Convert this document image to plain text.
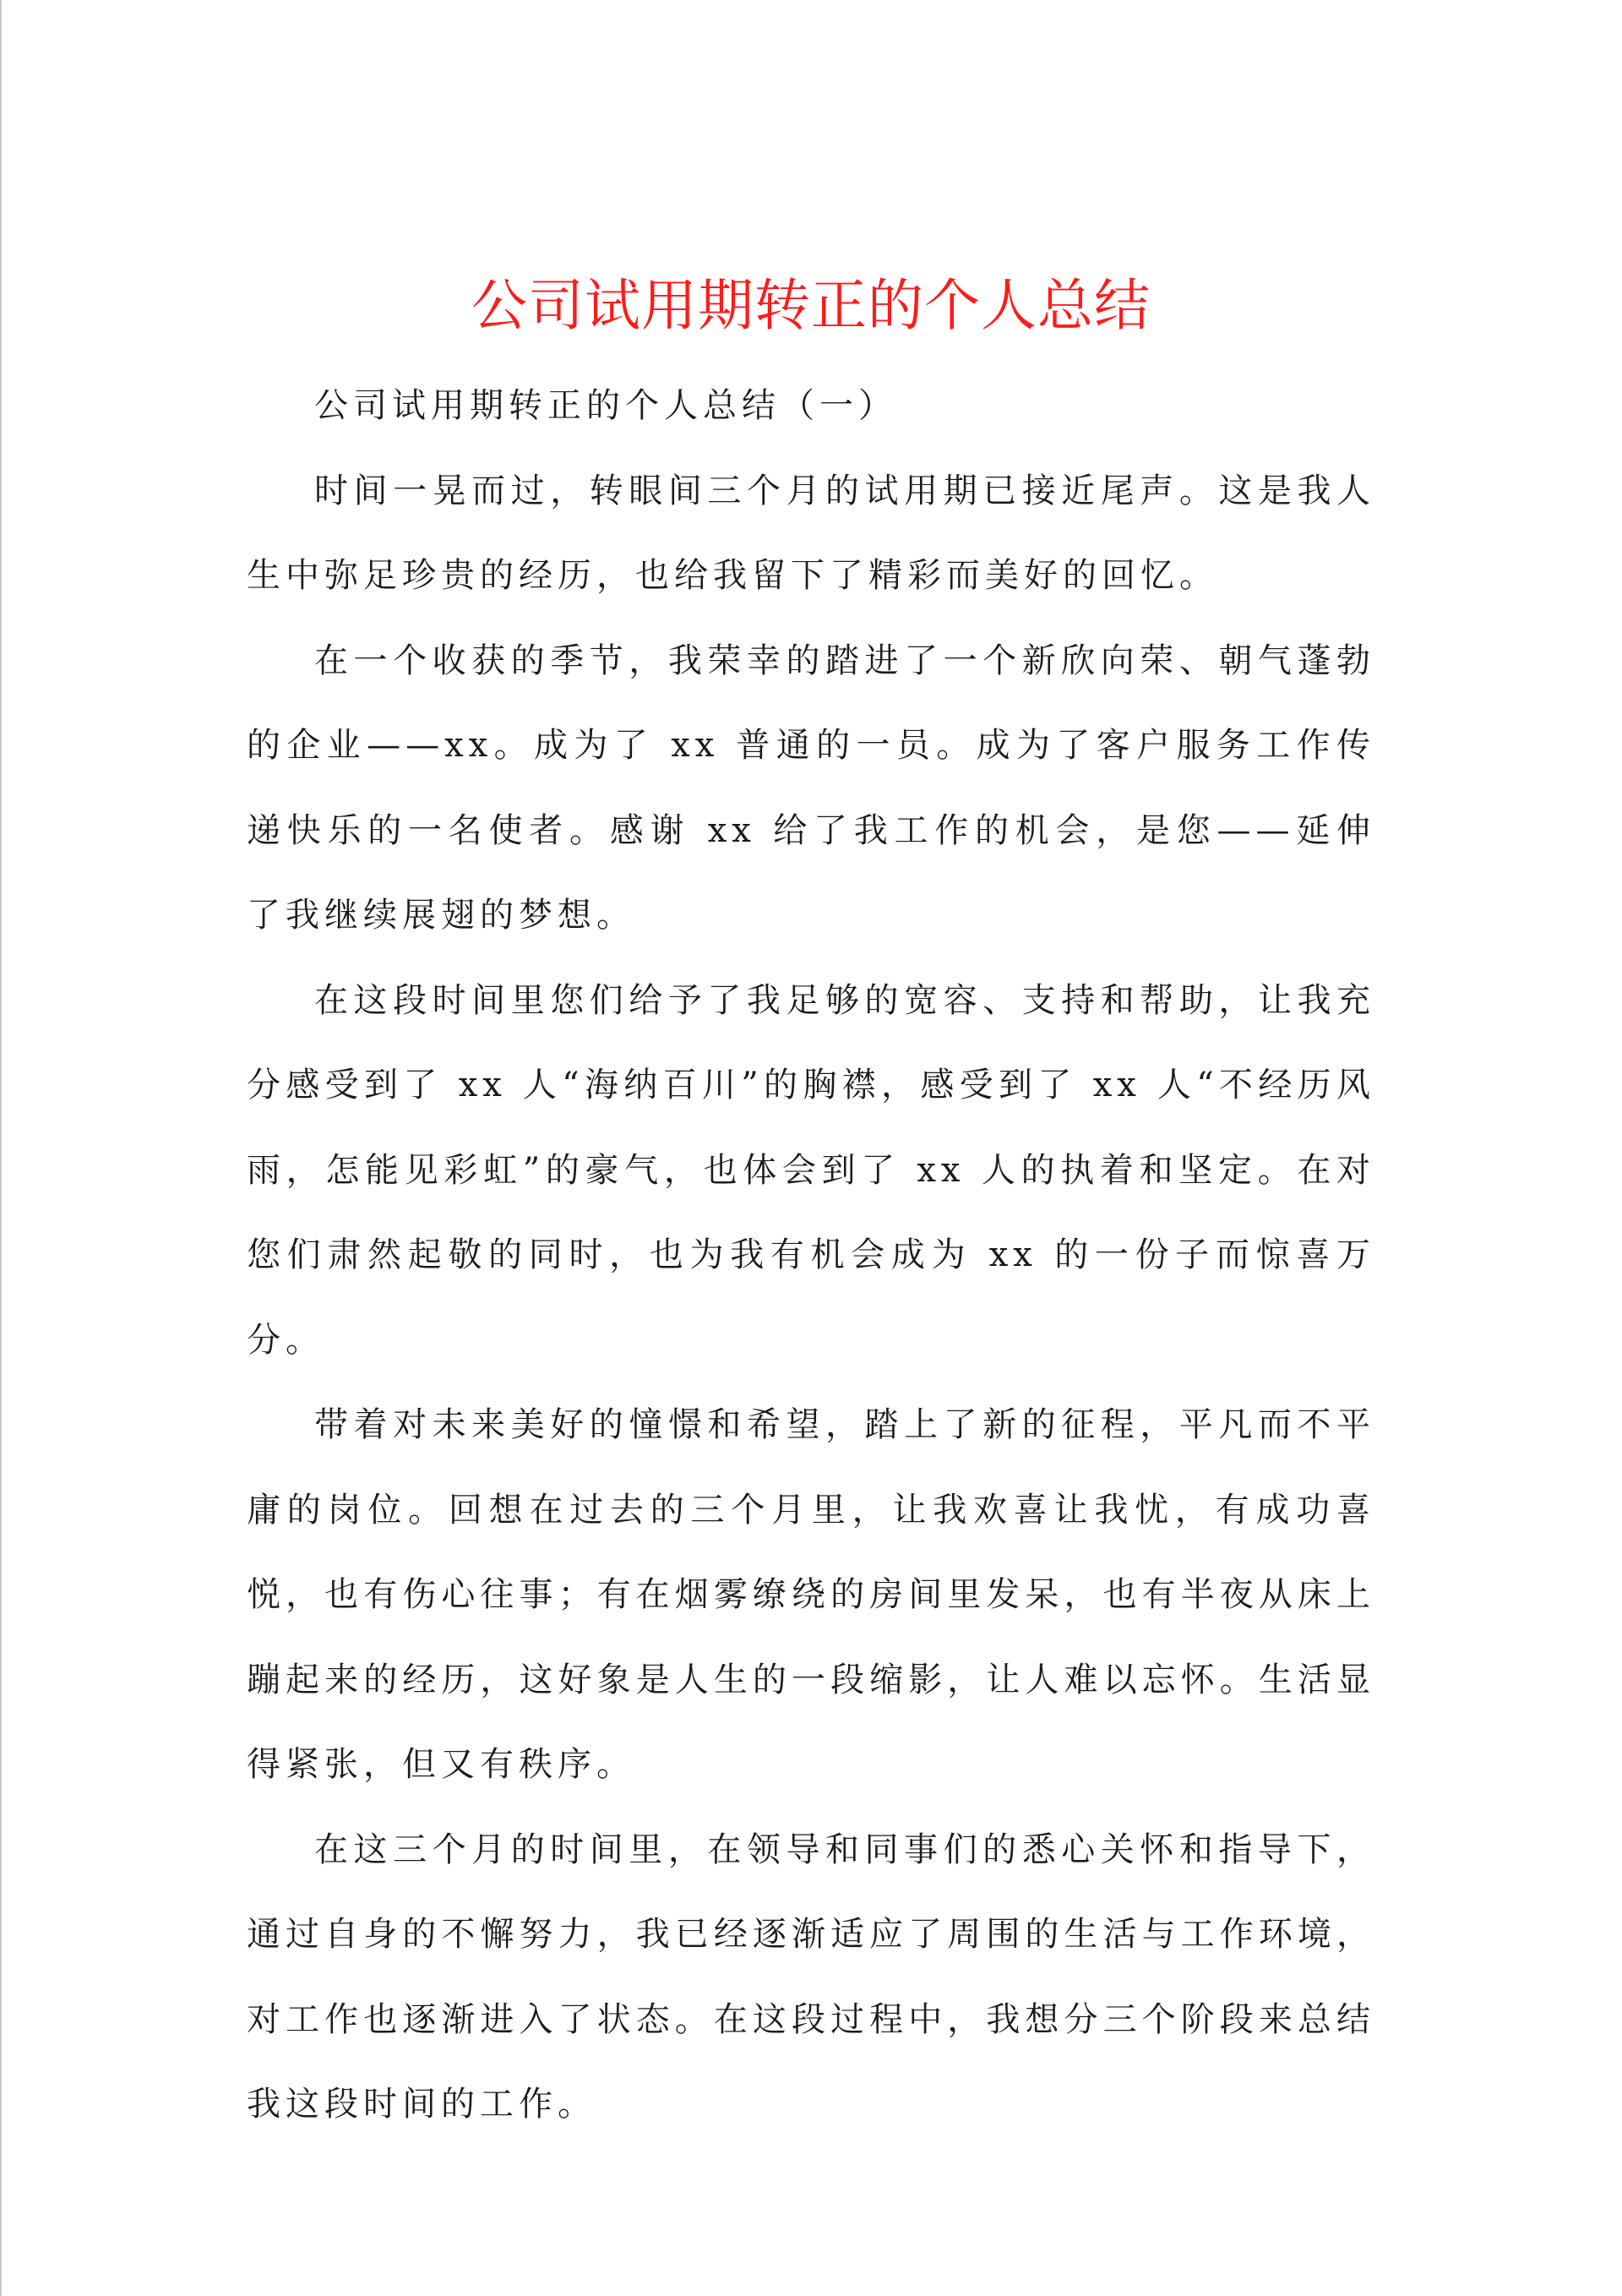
公司试用期转正的个人总结

公司试用期转正的个人总结（一）

时间一晃而过，转眼间三个月的试用期已接近尾声。这是我人生中弥足珍贵的经历，也给我留下了精彩而美好的回忆。

在一个收获的季节，我荣幸的踏进了一个新欣向荣、朝气蓬勃的企业——xx。成为了 xx 普通的一员。成为了客户服务工作传递快乐的一名使者。感谢 xx 给了我工作的机会，是您——延伸了我继续展翅的梦想。

在这段时间里您们给予了我足够的宽容、支持和帮助，让我充分感受到了 xx 人“海纳百川”的胸襟，感受到了 xx 人“不经历风雨，怎能见彩虹”的豪气，也体会到了 xx 人的执着和坚定。在对您们肃然起敬的同时，也为我有机会成为 xx 的一份子而惊喜万分。

带着对未来美好的憧憬和希望，踏上了新的征程，平凡而不平庸的岗位。回想在过去的三个月里，让我欢喜让我忧，有成功喜悦，也有伤心往事；有在烟雾缭绕的房间里发呆，也有半夜从床上蹦起来的经历，这好象是人生的一段缩影，让人难以忘怀。生活显得紧张，但又有秩序。

在这三个月的时间里，在领导和同事们的悉心关怀和指导下，通过自身的不懈努力，我已经逐渐适应了周围的生活与工作环境，对工作也逐渐进入了状态。在这段过程中，我想分三个阶段来总结我这段时间的工作。
